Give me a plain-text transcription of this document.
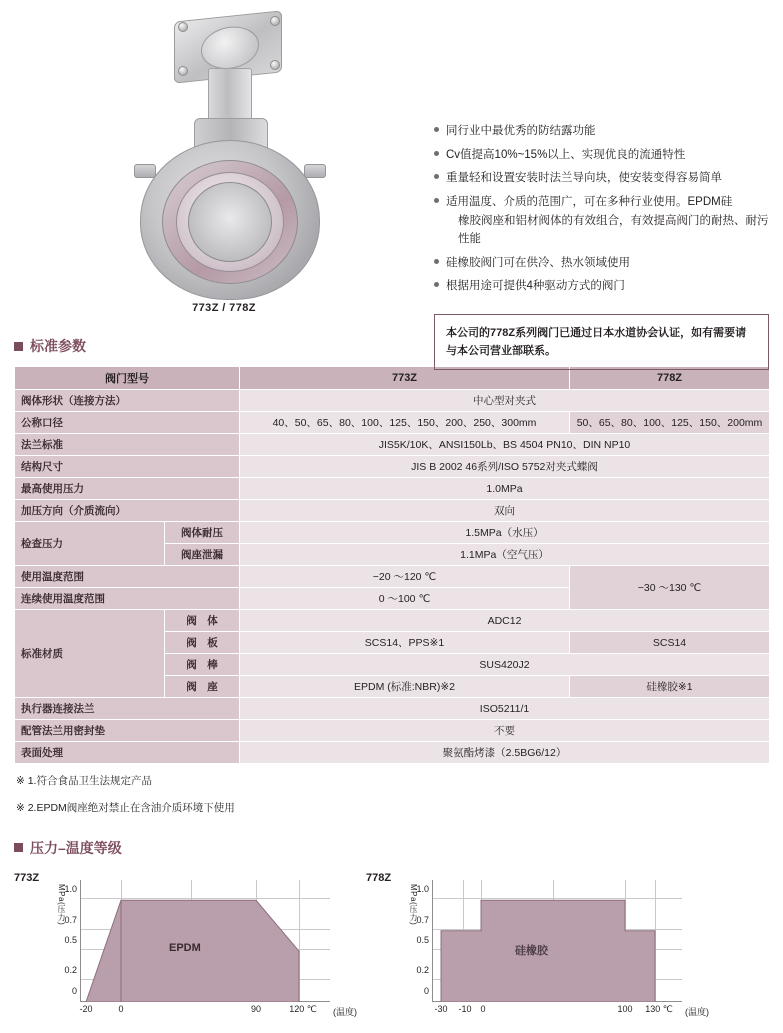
773Z / 778Z
同行业中最优秀的防结露功能
Cv值提高10%~15%以上、实现优良的流通特性
重量轻和设置安装时法兰导向块，使安装变得容易简单
适用温度、介质的范围广，可在多种行业使用。EPDM硅
橡胶阀座和铝材阀体的有效组合，有效提高阀门的耐热、耐污性能
硅橡胶阀门可在供冷、热水领域使用
根据用途可提供4种驱动方式的阀门
本公司的778Z系列阀门已通过日本水道协会认证，如有需要请与本公司营业部联系。
标准参数
阀门型号		773Z	778Z
阀体形状（连接方法）		中心型对夹式	
公称口径		40、50、65、80、100、125、150、200、250、300mm	50、65、80、100、125、150、200mm
法兰标准		JIS5K/10K、ANSI150Lb、BS 4504 PN10、DIN NP10	
结构尺寸		JIS B 2002 46系列/ISO 5752对夹式蝶阀	
最高使用压力		1.0MPa	
加压方向（介质流向）		双向	
检查压力	阀体耐压	1.5MPa（水压）	
	阀座泄漏	1.1MPa（空气压）	
使用温度范围		−20 ～120 ℃	−30 ～130 ℃
连续使用温度范围		0 ～100 ℃	
标准材质	阀　体	ADC12	
	阀　板	SCS14、PPS※1	SCS14
	阀　棒	SUS420J2	
	阀　座	EPDM (标准:NBR)※2	硅橡胶※1
执行器连接法兰		ISO5211/1	
配管法兰用密封垫		不要	
表面处理		聚氨酯烤漆（2.5BG6/12）	
※ 1.符合食品卫生法规定产品
※ 2.EPDM阀座绝对禁止在含油介质环境下使用
压力–温度等级
773Z
MPa(压力)
EPDM
1.0
0.7
0.5
0.2
0
-20	0	90	120 ℃ (温度)
778Z
MPa(压力)
硅橡胶
1.0
0.7
0.5
0.2
0
-30 -10 0	100 130 ℃ (温度)
